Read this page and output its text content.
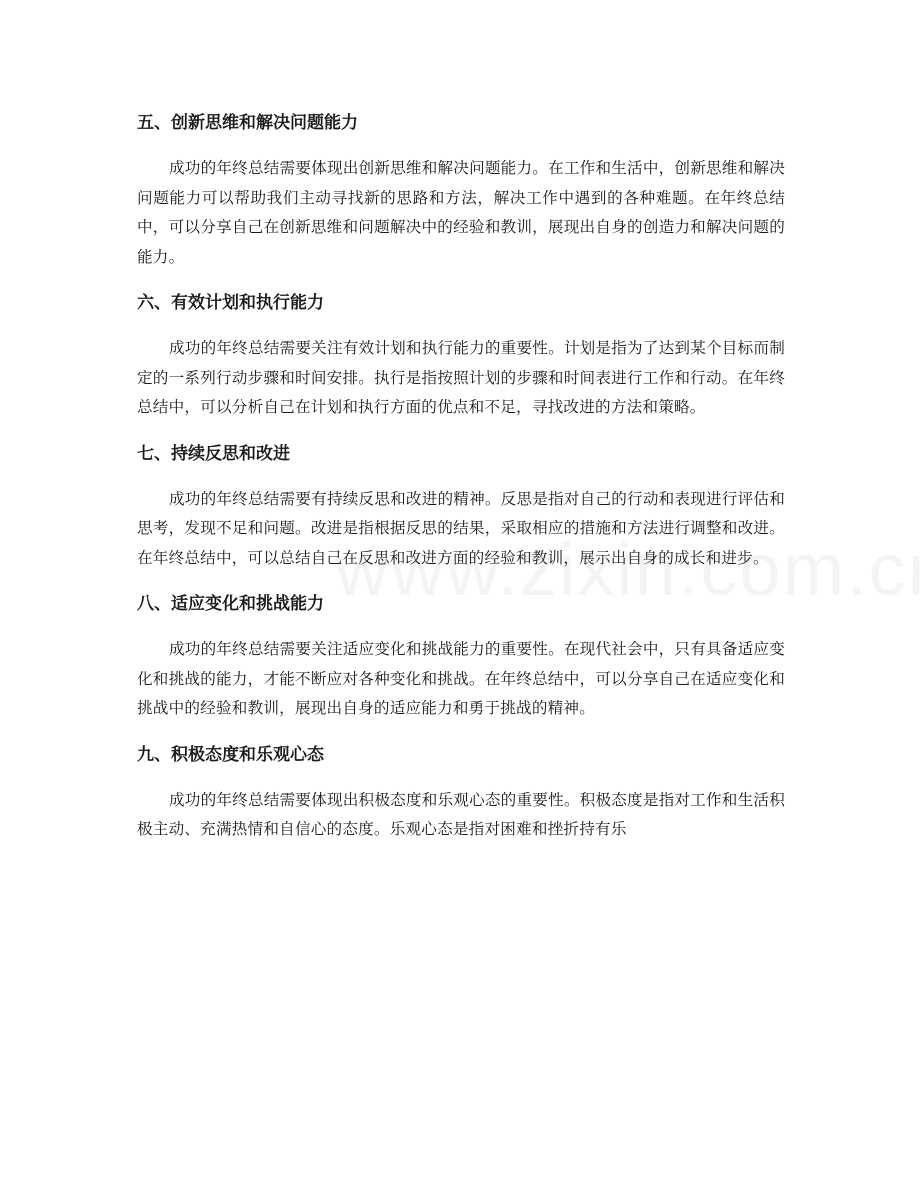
五、创新思维和解决问题能力

成功的年终总结需要体现出创新思维和解决问题能力。在工作和生活中，创新思维和解决问题能力可以帮助我们主动寻找新的思路和方法，解决工作中遇到的各种难题。在年终总结中，可以分享自己在创新思维和问题解决中的经验和教训，展现出自身的创造力和解决问题的能力。

六、有效计划和执行能力

成功的年终总结需要关注有效计划和执行能力的重要性。计划是指为了达到某个目标而制定的一系列行动步骤和时间安排。执行是指按照计划的步骤和时间表进行工作和行动。在年终总结中，可以分析自己在计划和执行方面的优点和不足，寻找改进的方法和策略。

七、持续反思和改进

成功的年终总结需要有持续反思和改进的精神。反思是指对自己的行动和表现进行评估和思考，发现不足和问题。改进是指根据反思的结果，采取相应的措施和方法进行调整和改进。在年终总结中，可以总结自己在反思和改进方面的经验和教训，展示出自身的成长和进步。

八、适应变化和挑战能力

成功的年终总结需要关注适应变化和挑战能力的重要性。在现代社会中，只有具备适应变化和挑战的能力，才能不断应对各种变化和挑战。在年终总结中，可以分享自己在适应变化和挑战中的经验和教训，展现出自身的适应能力和勇于挑战的精神。

九、积极态度和乐观心态

成功的年终总结需要体现出积极态度和乐观心态的重要性。积极态度是指对工作和生活积极主动、充满热情和自信心的态度。乐观心态是指对困难和挫折持有乐
